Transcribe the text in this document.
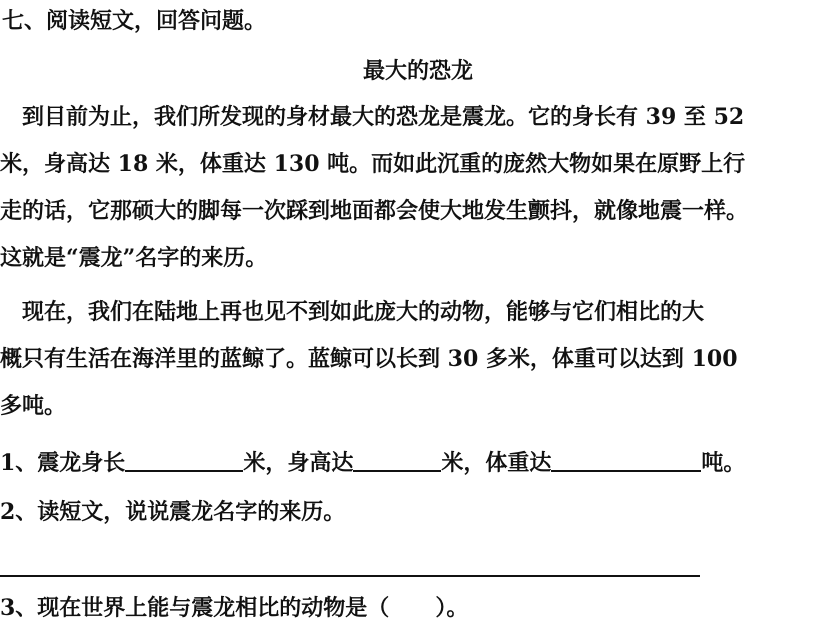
七、阅读短文，回答问题。
最大的恐龙
　到目前为止，我们所发现的身材最大的恐龙是震龙。它的身长有 39 至 52
米，身高达 18 米，体重达 130 吨。而如此沉重的庞然大物如果在原野上行
走的话，它那硕大的脚每一次踩到地面都会使大地发生颤抖，就像地震一样。
这就是“震龙”名字的来历。
　现在，我们在陆地上再也见不到如此庞大的动物，能够与它们相比的大
概只有生活在海洋里的蓝鲸了。蓝鲸可以长到 30 多米，体重可以达到 100
多吨。
1、震龙身长	米，身高达	米，体重达	吨。
2、读短文，说说震龙名字的来历。
3、现在世界上能与震龙相比的动物是（ ）。
